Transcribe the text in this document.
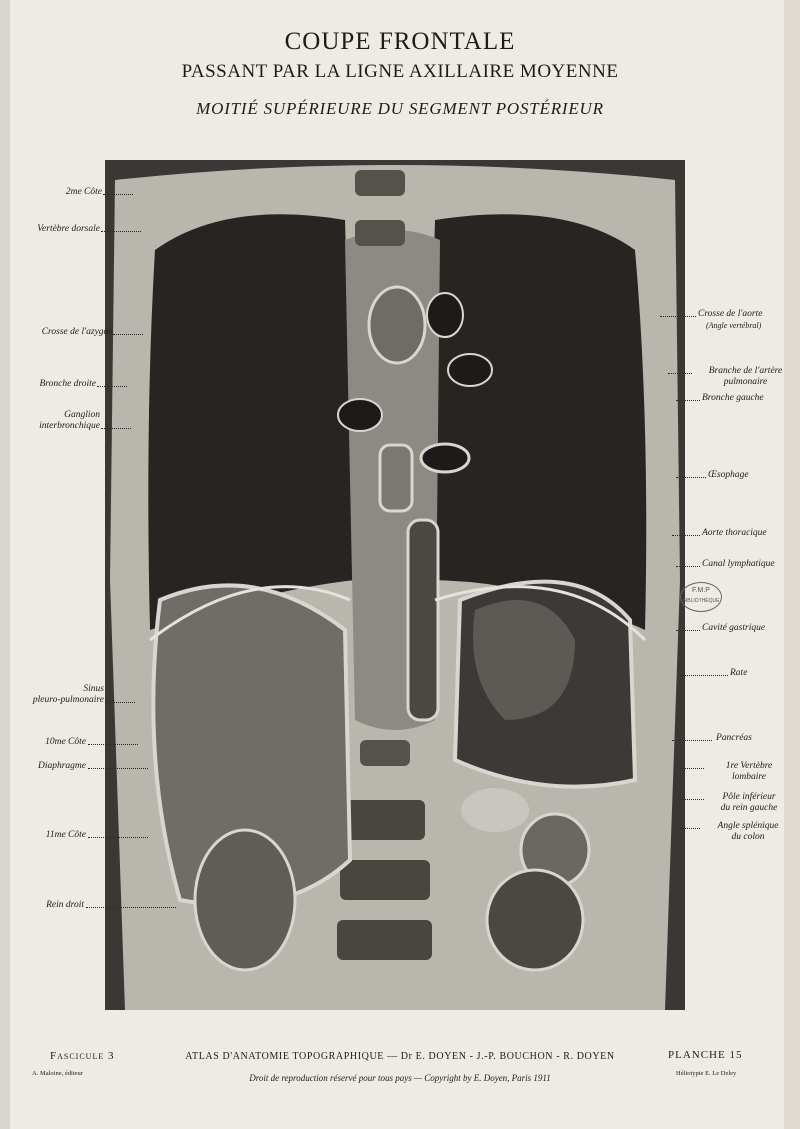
COUPE FRONTALE
PASSANT PAR LA LIGNE AXILLAIRE MOYENNE
MOITIÉ SUPÉRIEURE DU SEGMENT POSTÉRIEUR
2me Côte
Vertèbre dorsale
Crosse de l'azygos
Bronche droite
Ganglion
interbronchique
Sinus
pleuro-pulmonaire
10me Côte
Diaphragme
11me Côte
Rein droit
Crosse de l'aorte
(Angle vertébral)
Branche de l'artère
pulmonaire
Bronche gauche
Œsophage
Aorte thoracique
Canal lymphatique
Cavité gastrique
Rate
Pancréas
1re Vertèbre
lombaire
Pôle inférieur
du rein gauche
Angle splénique
du colon
F.M.P
BIBLIOTHÈQUE
Fascicule 3
A. Maloine, éditeur
ATLAS D'ANATOMIE TOPOGRAPHIQUE — Dr E. DOYEN - J.-P. BOUCHON - R. DOYEN
Droit de reproduction réservé pour tous pays — Copyright by E. Doyen, Paris 1911
PLANCHE 15
Héliotypie E. Le Deley
